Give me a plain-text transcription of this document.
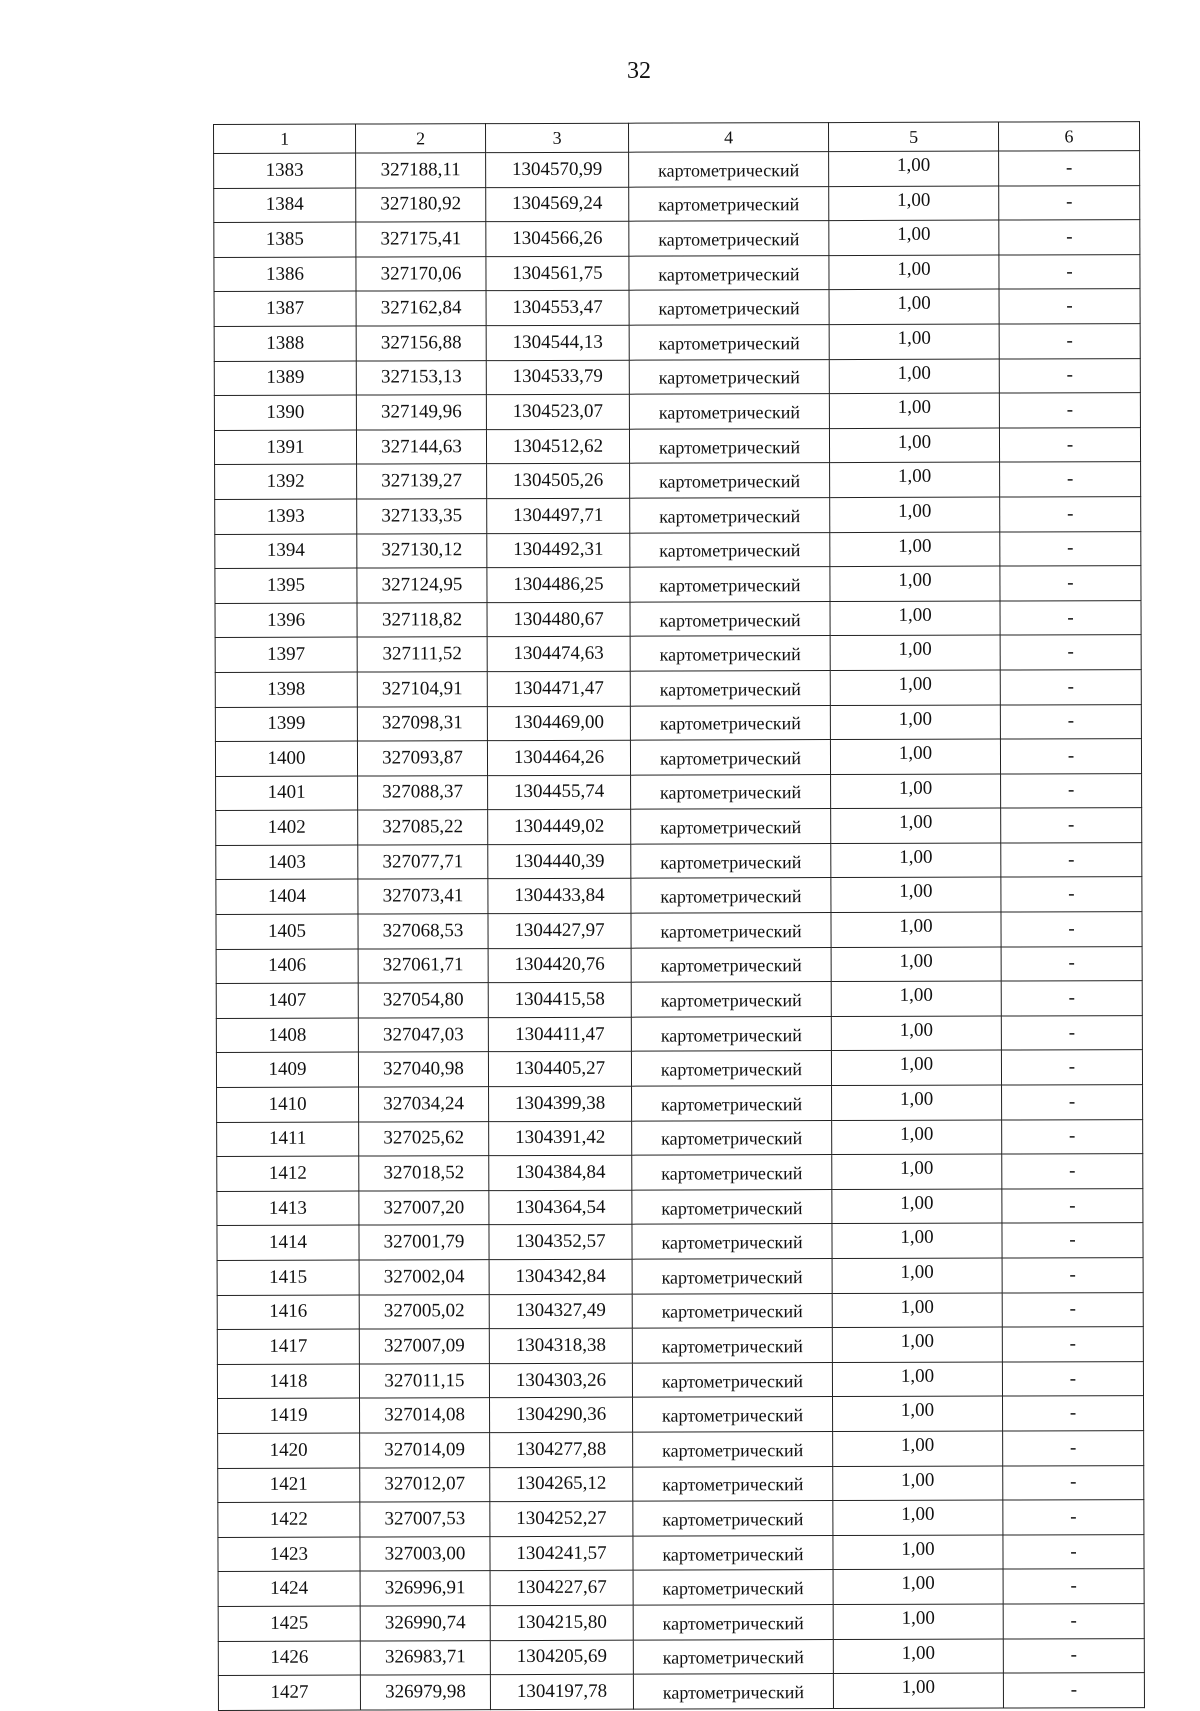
32
1	2	3	4	5	6
1383	327188,11	1304570,99	картометрический	1,00	-
1384	327180,92	1304569,24	картометрический	1,00	-
1385	327175,41	1304566,26	картометрический	1,00	-
1386	327170,06	1304561,75	картометрический	1,00	-
1387	327162,84	1304553,47	картометрический	1,00	-
1388	327156,88	1304544,13	картометрический	1,00	-
1389	327153,13	1304533,79	картометрический	1,00	-
1390	327149,96	1304523,07	картометрический	1,00	-
1391	327144,63	1304512,62	картометрический	1,00	-
1392	327139,27	1304505,26	картометрический	1,00	-
1393	327133,35	1304497,71	картометрический	1,00	-
1394	327130,12	1304492,31	картометрический	1,00	-
1395	327124,95	1304486,25	картометрический	1,00	-
1396	327118,82	1304480,67	картометрический	1,00	-
1397	327111,52	1304474,63	картометрический	1,00	-
1398	327104,91	1304471,47	картометрический	1,00	-
1399	327098,31	1304469,00	картометрический	1,00	-
1400	327093,87	1304464,26	картометрический	1,00	-
1401	327088,37	1304455,74	картометрический	1,00	-
1402	327085,22	1304449,02	картометрический	1,00	-
1403	327077,71	1304440,39	картометрический	1,00	-
1404	327073,41	1304433,84	картометрический	1,00	-
1405	327068,53	1304427,97	картометрический	1,00	-
1406	327061,71	1304420,76	картометрический	1,00	-
1407	327054,80	1304415,58	картометрический	1,00	-
1408	327047,03	1304411,47	картометрический	1,00	-
1409	327040,98	1304405,27	картометрический	1,00	-
1410	327034,24	1304399,38	картометрический	1,00	-
1411	327025,62	1304391,42	картометрический	1,00	-
1412	327018,52	1304384,84	картометрический	1,00	-
1413	327007,20	1304364,54	картометрический	1,00	-
1414	327001,79	1304352,57	картометрический	1,00	-
1415	327002,04	1304342,84	картометрический	1,00	-
1416	327005,02	1304327,49	картометрический	1,00	-
1417	327007,09	1304318,38	картометрический	1,00	-
1418	327011,15	1304303,26	картометрический	1,00	-
1419	327014,08	1304290,36	картометрический	1,00	-
1420	327014,09	1304277,88	картометрический	1,00	-
1421	327012,07	1304265,12	картометрический	1,00	-
1422	327007,53	1304252,27	картометрический	1,00	-
1423	327003,00	1304241,57	картометрический	1,00	-
1424	326996,91	1304227,67	картометрический	1,00	-
1425	326990,74	1304215,80	картометрический	1,00	-
1426	326983,71	1304205,69	картометрический	1,00	-
1427	326979,98	1304197,78	картометрический	1,00	-
